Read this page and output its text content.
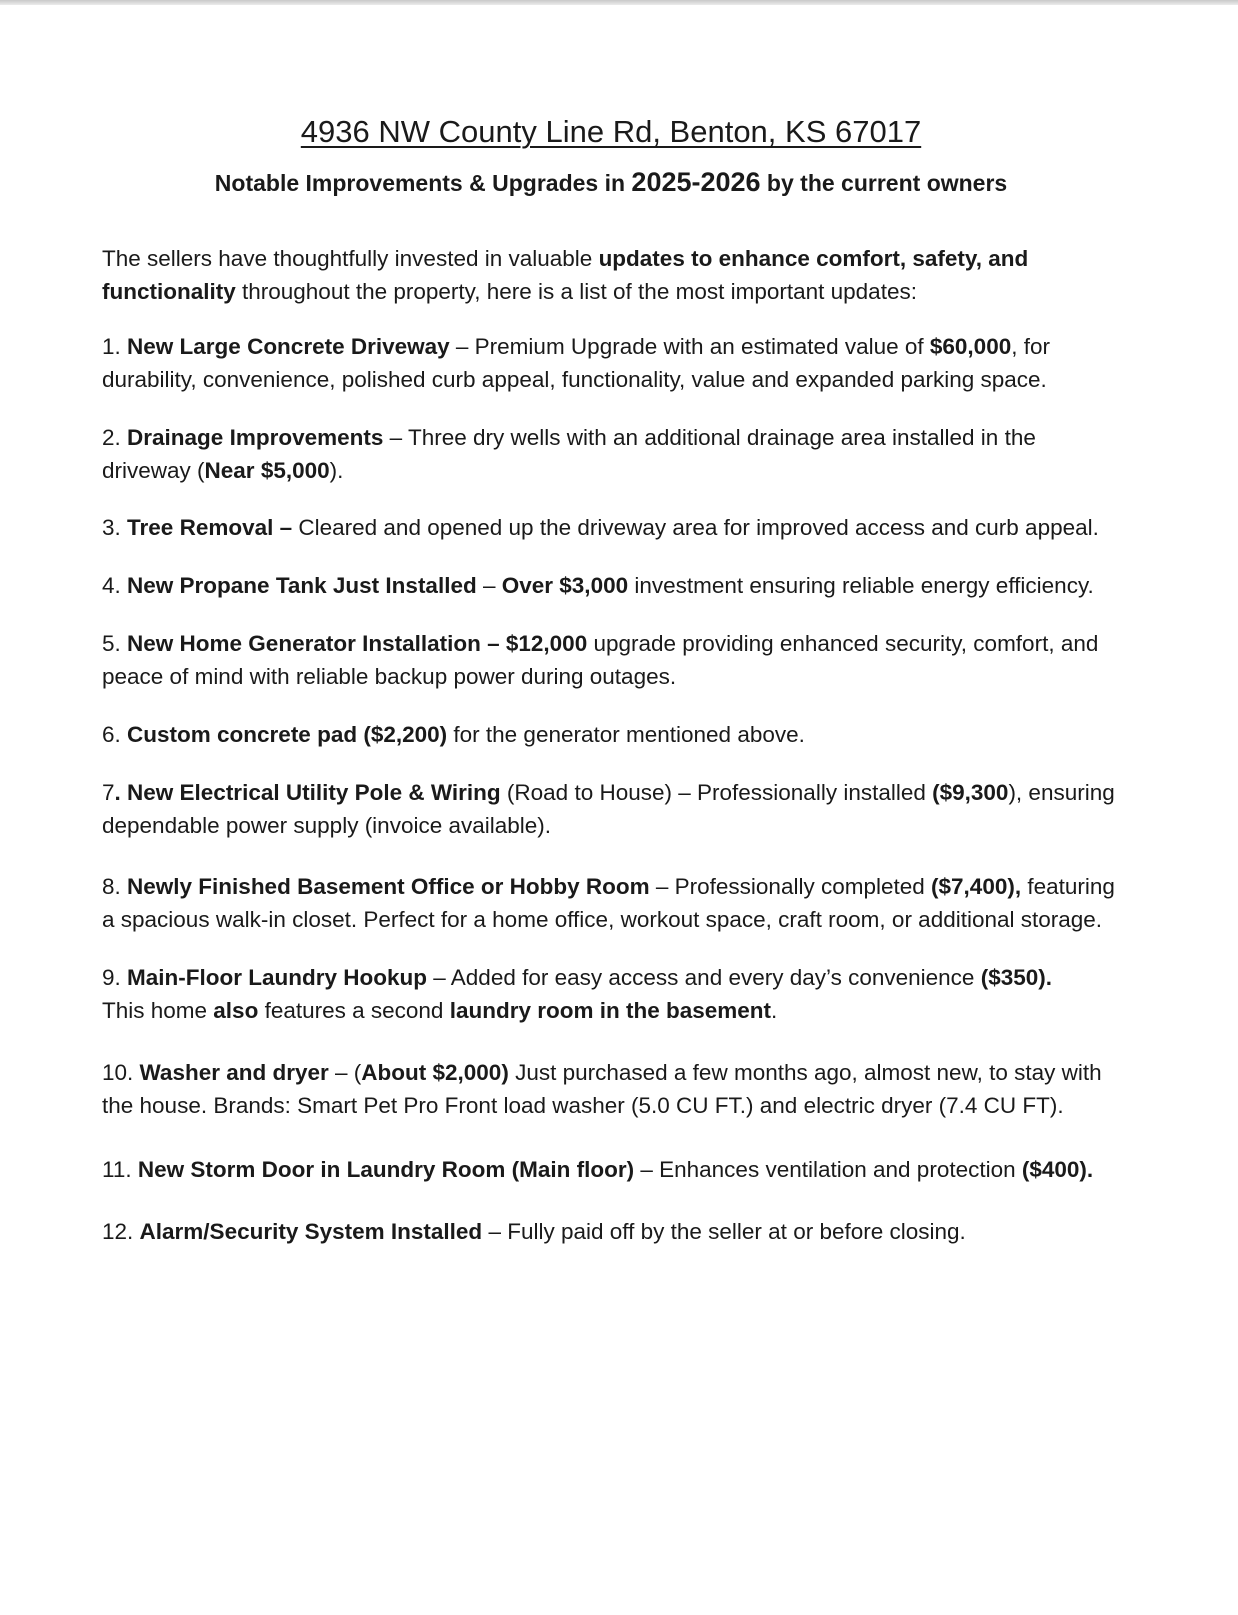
4936 NW County Line Rd, Benton, KS 67017
Notable Improvements & Upgrades in 2025-2026 by the current owners

The sellers have thoughtfully invested in valuable updates to enhance comfort, safety, and functionality throughout the property, here is a list of the most important updates:

1. New Large Concrete Driveway – Premium Upgrade with an estimated value of $60,000, for durability, convenience, polished curb appeal, functionality, value and expanded parking space.
2. Drainage Improvements – Three dry wells with an additional drainage area installed in the driveway (Near $5,000).
3. Tree Removal – Cleared and opened up the driveway area for improved access and curb appeal.
4. New Propane Tank Just Installed – Over $3,000 investment ensuring reliable energy efficiency.
5. New Home Generator Installation – $12,000 upgrade providing enhanced security, comfort, and peace of mind with reliable backup power during outages.
6. Custom concrete pad ($2,200) for the generator mentioned above.
7. New Electrical Utility Pole & Wiring (Road to House) – Professionally installed ($9,300), ensuring dependable power supply (invoice available).
8. Newly Finished Basement Office or Hobby Room – Professionally completed ($7,400), featuring a spacious walk-in closet. Perfect for a home office, workout space, craft room, or additional storage.
9. Main-Floor Laundry Hookup – Added for easy access and every day’s convenience ($350).
This home also features a second laundry room in the basement.
10. Washer and dryer – (About $2,000) Just purchased a few months ago, almost new, to stay with the house. Brands: Smart Pet Pro Front load washer (5.0 CU FT.) and electric dryer (7.4 CU FT).
11. New Storm Door in Laundry Room (Main floor) – Enhances ventilation and protection ($400).
12. Alarm/Security System Installed – Fully paid off by the seller at or before closing.
